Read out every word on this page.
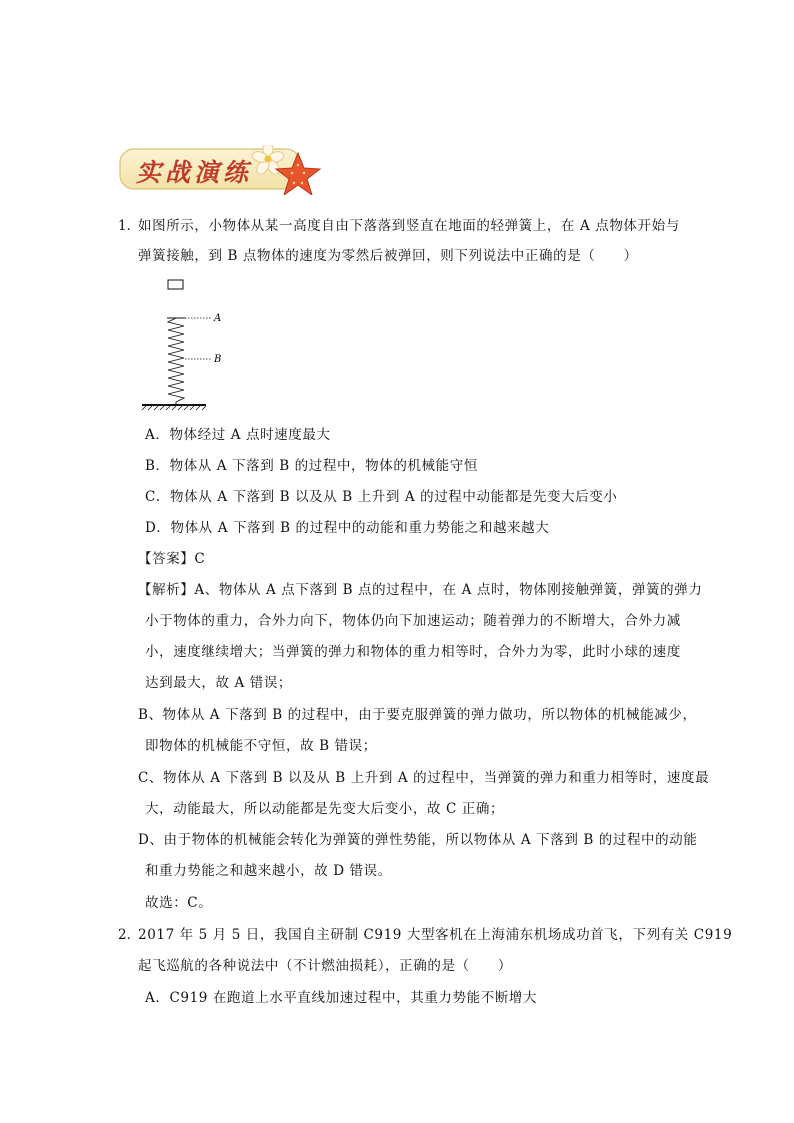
实战演练
1．
如图所示，小物体从某一高度自由下落落到竖直在地面的轻弹簧上，在 A 点物体开始与
弹簧接触，到 B 点物体的速度为零然后被弹回，则下列说法中正确的是（　　）
A
B
A．物体经过 A 点时速度最大
B．物体从 A 下落到 B 的过程中，物体的机械能守恒
C．物体从 A 下落到 B 以及从 B 上升到 A 的过程中动能都是先变大后变小
D．物体从 A 下落到 B 的过程中的动能和重力势能之和越来越大
【答案】C
【解析】A、物体从 A 点下落到 B 点的过程中，在 A 点时，物体刚接触弹簧，弹簧的弹力
小于物体的重力，合外力向下，物体仍向下加速运动；随着弹力的不断增大，合外力减
小，速度继续增大；当弹簧的弹力和物体的重力相等时，合外力为零，此时小球的速度
达到最大，故 A 错误；
B、物体从 A 下落到 B 的过程中，由于要克服弹簧的弹力做功，所以物体的机械能减少，
即物体的机械能不守恒，故 B 错误；
C、物体从 A 下落到 B 以及从 B 上升到 A 的过程中，当弹簧的弹力和重力相等时，速度最
大，动能最大，所以动能都是先变大后变小，故 C 正确；
D、由于物体的机械能会转化为弹簧的弹性势能，所以物体从 A 下落到 B 的过程中的动能
和重力势能之和越来越小，故 D 错误。
故选：C。
2．
2017 年 5 月 5 日，我国自主研制 C919 大型客机在上海浦东机场成功首飞，下列有关 C919
起飞巡航的各种说法中（不计燃油损耗），正确的是（　　）
A．C919 在跑道上水平直线加速过程中，其重力势能不断增大
